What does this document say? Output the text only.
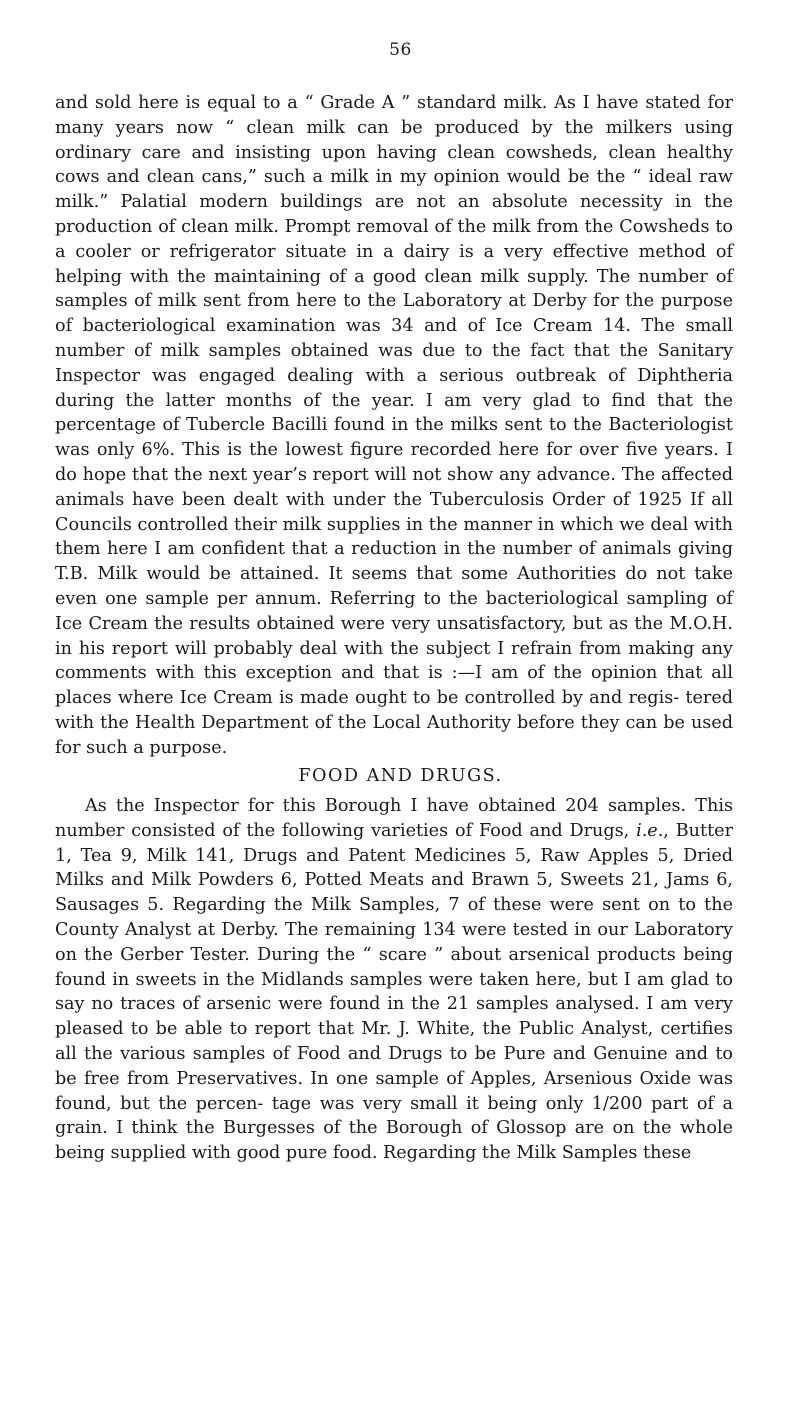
56
and sold here is equal to a “ Grade A ” standard milk. As I have stated for many years now “ clean milk can be produced by the milkers using ordinary care and insisting upon having clean cowsheds, clean healthy cows and clean cans,” such a milk in my opinion would be the “ ideal raw milk.” Palatial modern buildings are not an absolute necessity in the production of clean milk. Prompt removal of the milk from the Cowsheds to a cooler or refrigerator situate in a dairy is a very effective method of helping with the maintaining of a good clean milk supply. The number of samples of milk sent from here to the Laboratory at Derby for the purpose of bacteriological examination was 34 and of Ice Cream 14. The small number of milk samples obtained was due to the fact that the Sanitary Inspector was engaged dealing with a serious outbreak of Diphtheria during the latter months of the year. I am very glad to find that the percentage of Tubercle Bacilli found in the milks sent to the Bacteriologist was only 6%. This is the lowest figure recorded here for over five years. I do hope that the next year’s report will not show any advance. The affected animals have been dealt with under the Tuberculosis Order of 1925 If all Councils controlled their milk supplies in the manner in which we deal with them here I am confident that a reduction in the number of animals giving T.B. Milk would be attained. It seems that some Authorities do not take even one sample per annum. Referring to the bacteriological sampling of Ice Cream the results obtained were very unsatisfactory, but as the M.O.H. in his report will probably deal with the subject I refrain from making any comments with this exception and that is :—I am of the opinion that all places where Ice Cream is made ought to be controlled by and regis- tered with the Health Department of the Local Authority before they can be used for such a purpose.
FOOD AND DRUGS.
As the Inspector for this Borough I have obtained 204 samples. This number consisted of the following varieties of Food and Drugs, i.e., Butter 1, Tea 9, Milk 141, Drugs and Patent Medicines 5, Raw Apples 5, Dried Milks and Milk Powders 6, Potted Meats and Brawn 5, Sweets 21, Jams 6, Sausages 5. Regarding the Milk Samples, 7 of these were sent on to the County Analyst at Derby. The remaining 134 were tested in our Laboratory on the Gerber Tester. During the “ scare ” about arsenical products being found in sweets in the Midlands samples were taken here, but I am glad to say no traces of arsenic were found in the 21 samples analysed. I am very pleased to be able to report that Mr. J. White, the Public Analyst, certifies all the various samples of Food and Drugs to be Pure and Genuine and to be free from Preservatives. In one sample of Apples, Arsenious Oxide was found, but the percen- tage was very small it being only 1/200 part of a grain. I think the Burgesses of the Borough of Glossop are on the whole being supplied with good pure food. Regarding the Milk Samples these
